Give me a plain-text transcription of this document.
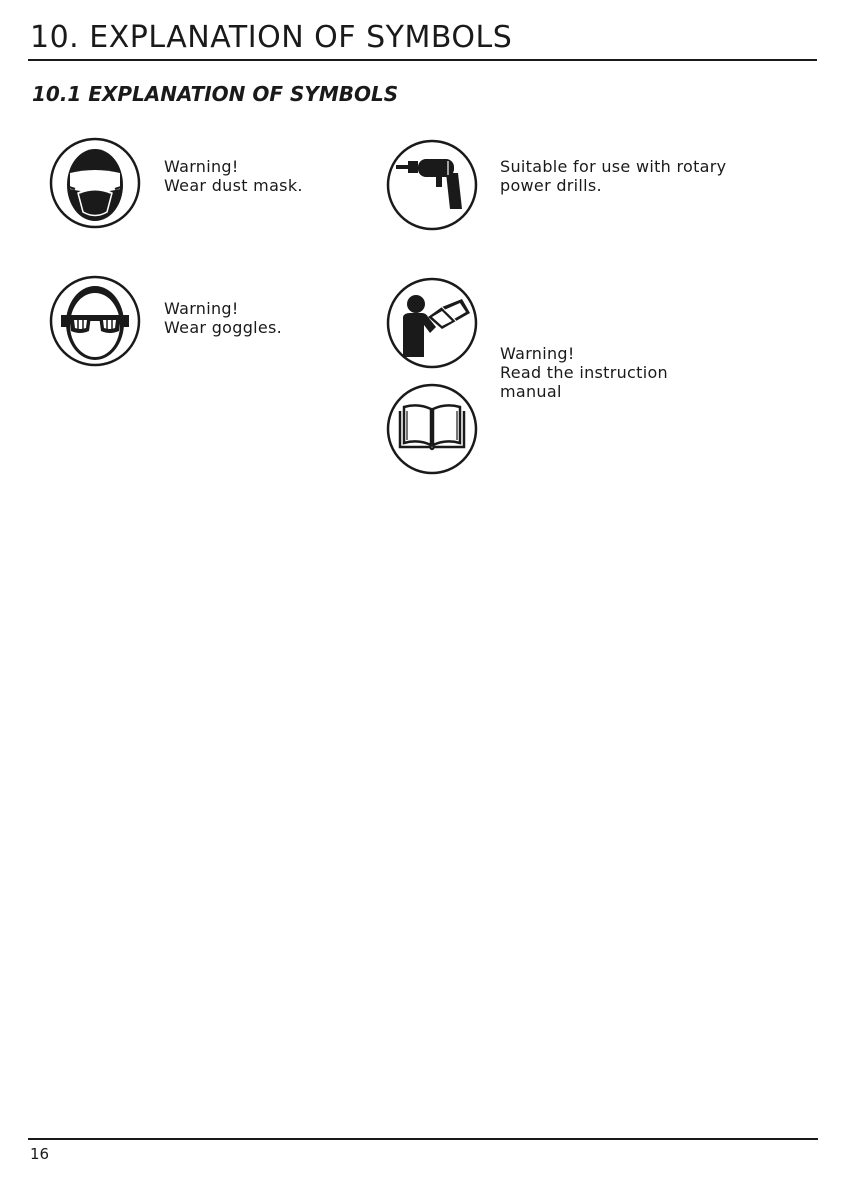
10. EXPLANATION OF SYMBOLS
10.1 EXPLANATION OF SYMBOLS
Warning!
Wear dust mask.
Suitable for use with rotary
power drills.
Warning!
Wear goggles.
Warning!
Read the instruction
manual
16
